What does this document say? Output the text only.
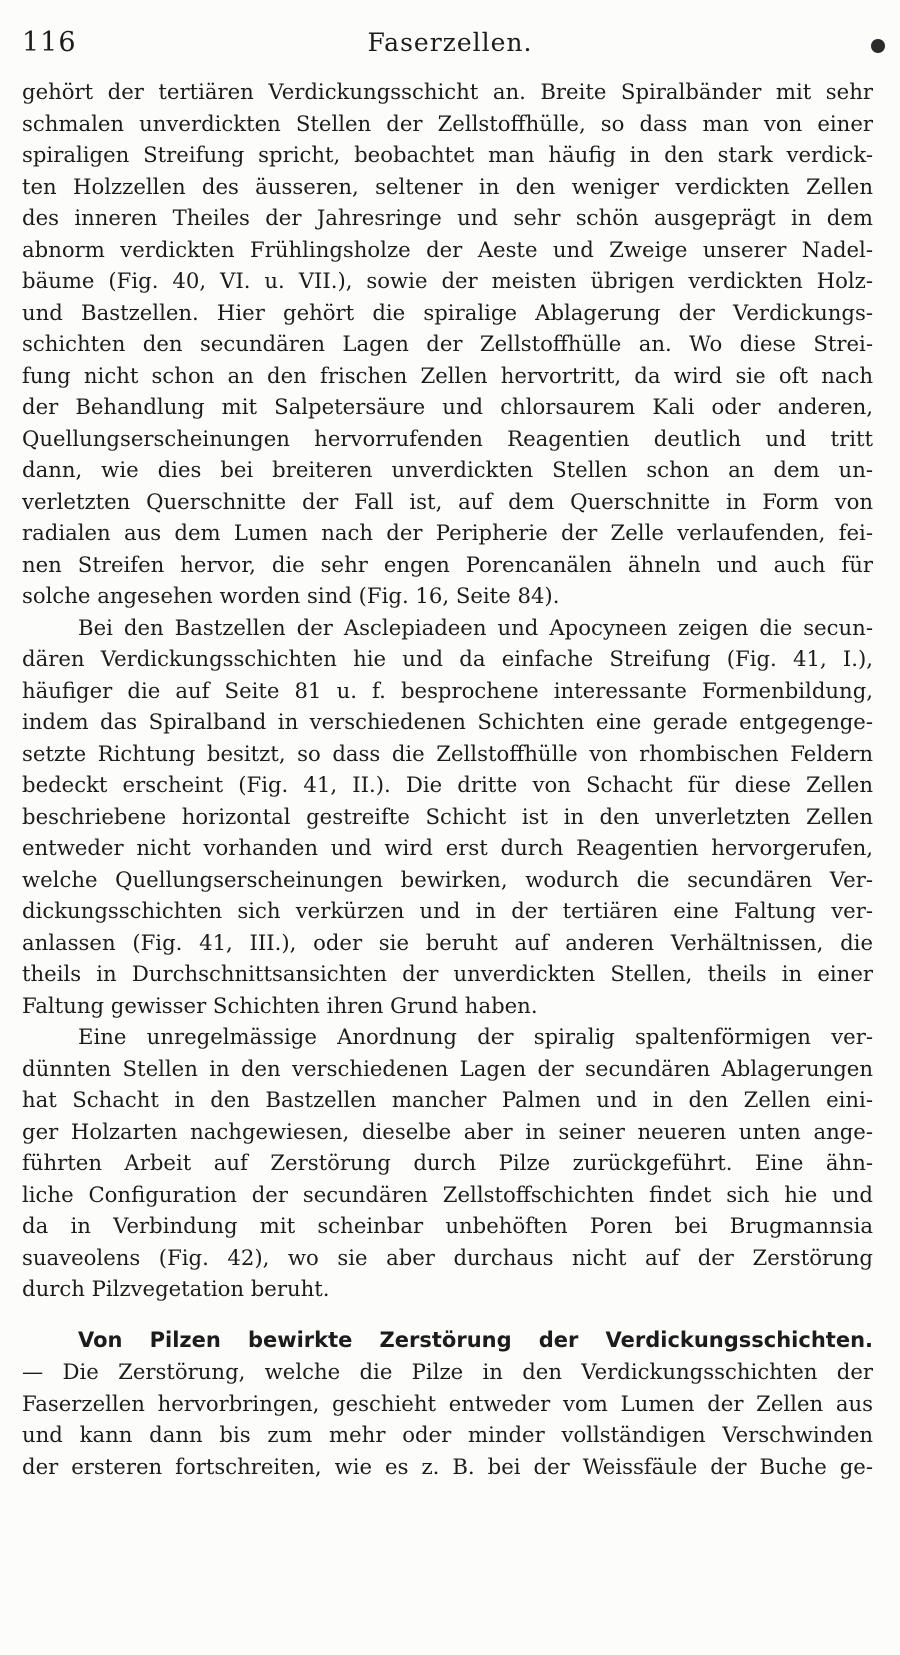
116	Faserzellen.
gehört der tertiären Verdickungsschicht an. Breite Spiralbänder mit sehr
schmalen unverdickten Stellen der Zellstoffhülle, so dass man von einer
spiraligen Streifung spricht, beobachtet man häufig in den stark verdick-
ten Holzzellen des äusseren, seltener in den weniger verdickten Zellen
des inneren Theiles der Jahresringe und sehr schön ausgeprägt in dem
abnorm verdickten Frühlingsholze der Aeste und Zweige unserer Nadel-
bäume (Fig. 40, VI. u. VII.), sowie der meisten übrigen verdickten Holz-
und Bastzellen. Hier gehört die spiralige Ablagerung der Verdickungs-
schichten den secundären Lagen der Zellstoffhülle an. Wo diese Strei-
fung nicht schon an den frischen Zellen hervortritt, da wird sie oft nach
der Behandlung mit Salpetersäure und chlorsaurem Kali oder anderen,
Quellungserscheinungen hervorrufenden Reagentien deutlich und tritt
dann, wie dies bei breiteren unverdickten Stellen schon an dem un-
verletzten Querschnitte der Fall ist, auf dem Querschnitte in Form von
radialen aus dem Lumen nach der Peripherie der Zelle verlaufenden, fei-
nen Streifen hervor, die sehr engen Porencanälen ähneln und auch für
solche angesehen worden sind (Fig. 16, Seite 84).
Bei den Bastzellen der Asclepiadeen und Apocyneen zeigen die secun-
dären Verdickungsschichten hie und da einfache Streifung (Fig. 41, I.),
häufiger die auf Seite 81 u. f. besprochene interessante Formenbildung,
indem das Spiralband in verschiedenen Schichten eine gerade entgegenge-
setzte Richtung besitzt, so dass die Zellstoffhülle von rhombischen Feldern
bedeckt erscheint (Fig. 41, II.). Die dritte von Schacht für diese Zellen
beschriebene horizontal gestreifte Schicht ist in den unverletzten Zellen
entweder nicht vorhanden und wird erst durch Reagentien hervorgerufen,
welche Quellungserscheinungen bewirken, wodurch die secundären Ver-
dickungsschichten sich verkürzen und in der tertiären eine Faltung ver-
anlassen (Fig. 41, III.), oder sie beruht auf anderen Verhältnissen, die
theils in Durchschnittsansichten der unverdickten Stellen, theils in einer
Faltung gewisser Schichten ihren Grund haben.
Eine unregelmässige Anordnung der spiralig spaltenförmigen ver-
dünnten Stellen in den verschiedenen Lagen der secundären Ablagerungen
hat Schacht in den Bastzellen mancher Palmen und in den Zellen eini-
ger Holzarten nachgewiesen, dieselbe aber in seiner neueren unten ange-
führten Arbeit auf Zerstörung durch Pilze zurückgeführt. Eine ähn-
liche Configuration der secundären Zellstoffschichten findet sich hie und
da in Verbindung mit scheinbar unbehöften Poren bei Brugmannsia
suaveolens (Fig. 42), wo sie aber durchaus nicht auf der Zerstörung
durch Pilzvegetation beruht.
Von Pilzen bewirkte Zerstörung der Verdickungsschichten.
— Die Zerstörung, welche die Pilze in den Verdickungsschichten der
Faserzellen hervorbringen, geschieht entweder vom Lumen der Zellen aus
und kann dann bis zum mehr oder minder vollständigen Verschwinden
der ersteren fortschreiten, wie es z. B. bei der Weissfäule der Buche ge-
